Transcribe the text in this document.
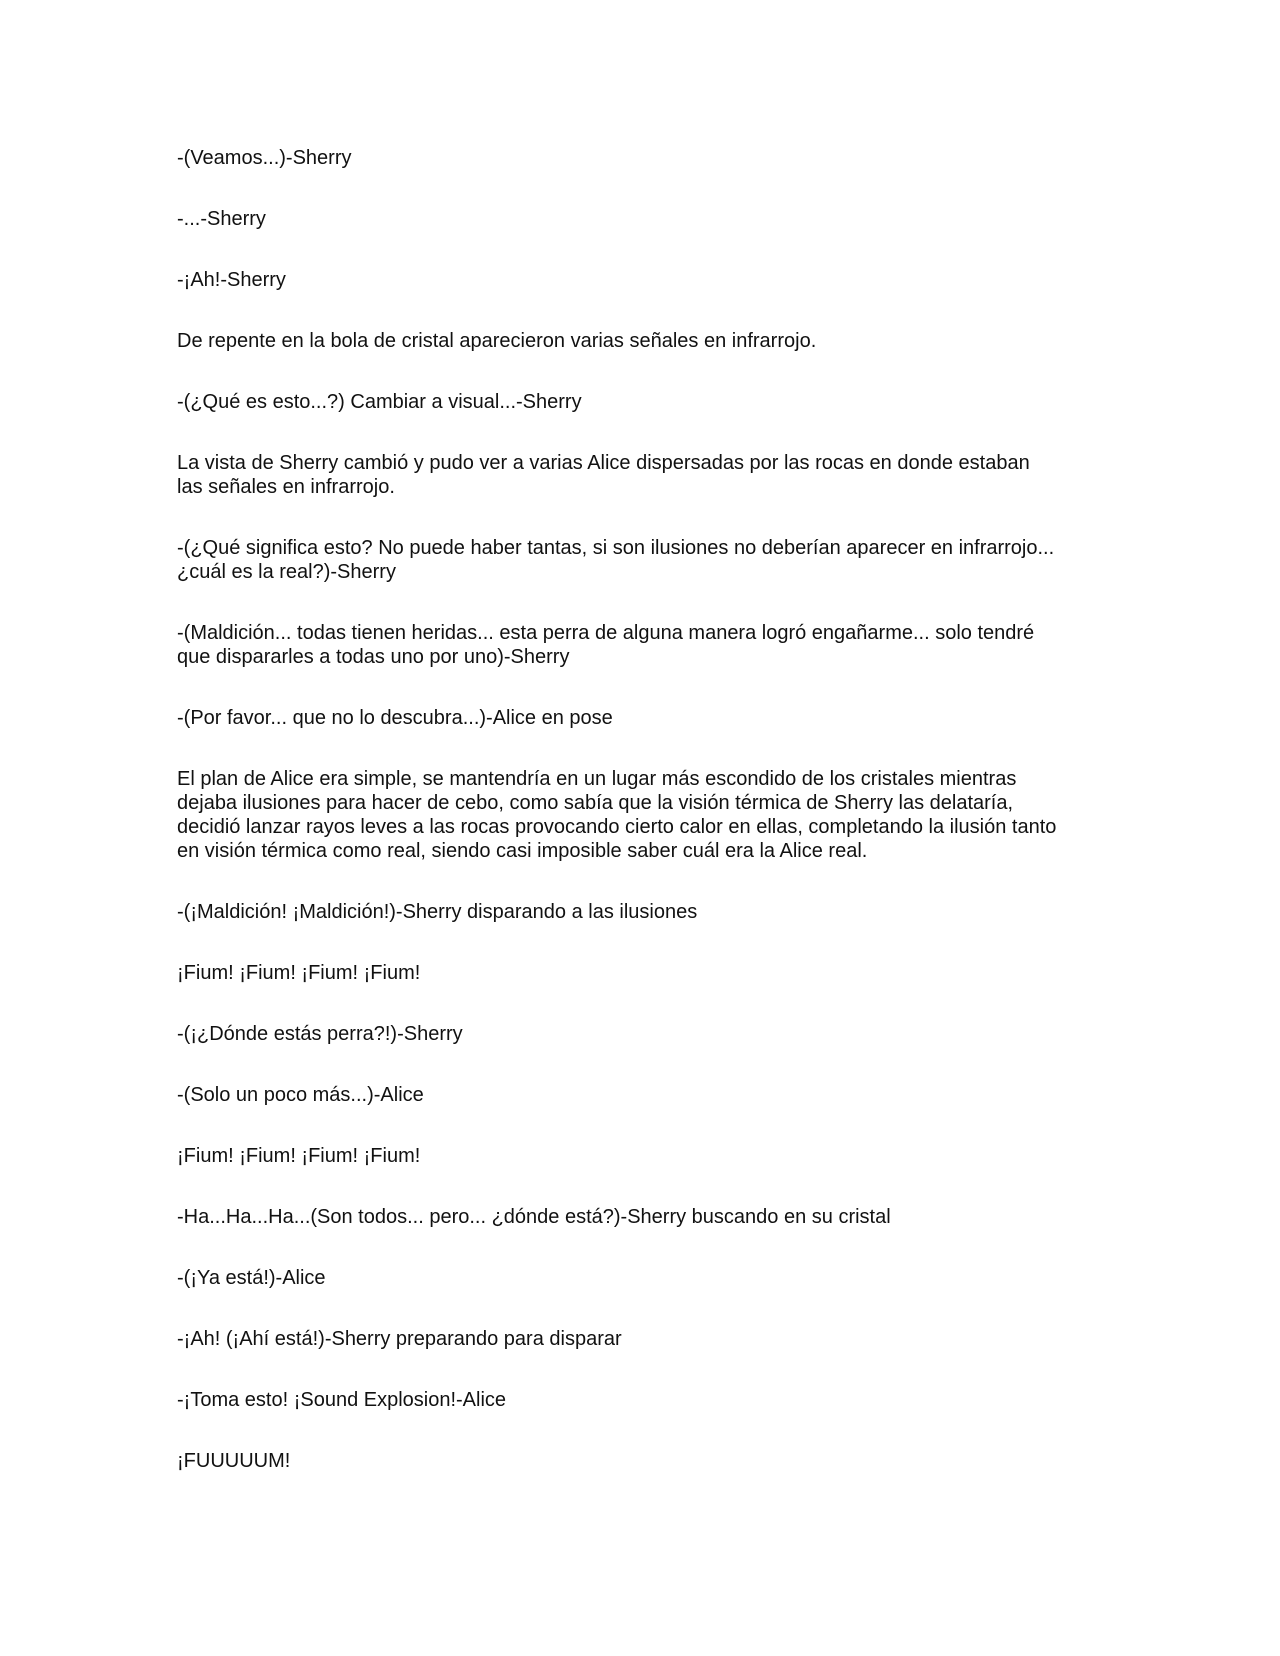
-(Veamos...)-Sherry

-...-Sherry

-¡Ah!-Sherry

De repente en la bola de cristal aparecieron varias señales en infrarrojo.

-(¿Qué es esto...?) Cambiar a visual...-Sherry

La vista de Sherry cambió y pudo ver a varias Alice dispersadas por las rocas en donde estaban
las señales en infrarrojo.

-(¿Qué significa esto? No puede haber tantas, si son ilusiones no deberían aparecer en infrarrojo...
¿cuál es la real?)-Sherry

-(Maldición... todas tienen heridas... esta perra de alguna manera logró engañarme... solo tendré
que dispararles a todas uno por uno)-Sherry

-(Por favor... que no lo descubra...)-Alice en pose

El plan de Alice era simple, se mantendría en un lugar más escondido de los cristales mientras
dejaba ilusiones para hacer de cebo, como sabía que la visión térmica de Sherry las delataría,
decidió lanzar rayos leves a las rocas provocando cierto calor en ellas, completando la ilusión tanto
en visión térmica como real, siendo casi imposible saber cuál era la Alice real.

-(¡Maldición! ¡Maldición!)-Sherry disparando a las ilusiones

¡Fium! ¡Fium! ¡Fium! ¡Fium!

-(¡¿Dónde estás perra?!)-Sherry

-(Solo un poco más...)-Alice

¡Fium! ¡Fium! ¡Fium! ¡Fium!

-Ha...Ha...Ha...(Son todos... pero... ¿dónde está?)-Sherry buscando en su cristal

-(¡Ya está!)-Alice

-¡Ah! (¡Ahí está!)-Sherry preparando para disparar

-¡Toma esto! ¡Sound Explosion!-Alice

¡FUUUUUM!
